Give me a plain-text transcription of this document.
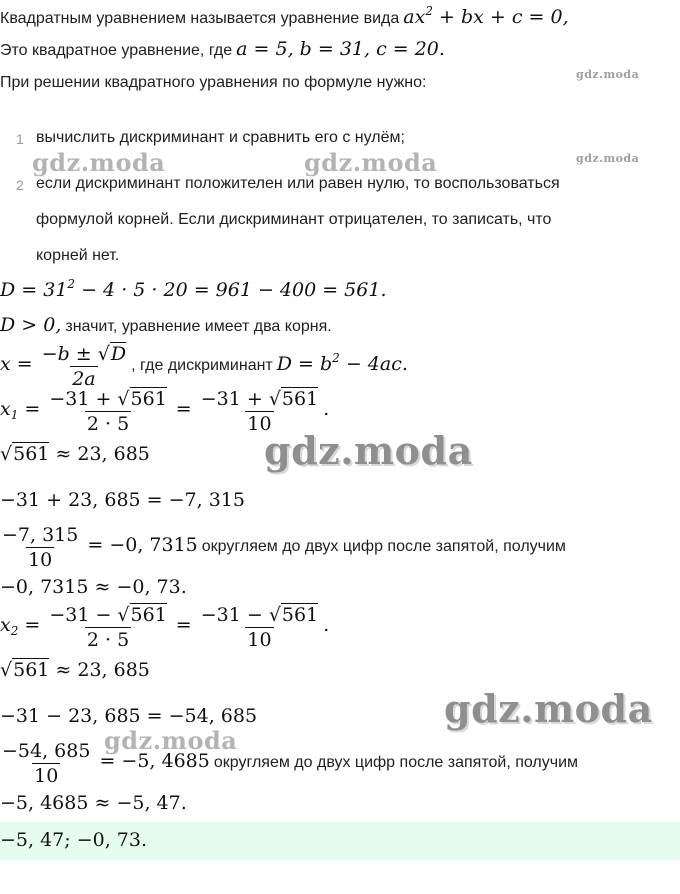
Квадратным уравнением называется уравнение вида $ax^2$ + bx + c = 0,
Это квадратное уравнение, где a = 5, b = 31, c = 20.
При решении квадратного уравнения по формуле нужно:
1 вычислить дискриминант и сравнить его с нулём;
2 если дискриминант положителен или равен нулю, то воспользоваться
формулой корней. Если дискриминант отрицателен, то записать, что
корней нет.
$D = 31^2 - 4 \cdot 5 \cdot 20 = 961 - 400 = 561$.
D > 0, значит, уравнение имеет два корня.
$x = \frac{-b \pm √D}{2a}$ , где дискриминант $D = b^2 - 4ac$.
$x_1 = \frac{-31 + √561}{2 \cdot 5} = \frac{-31 + √561}{10}$ .
√561 ≈ 23, 685
−31 + 23, 685 = −7, 315
$\frac{-7, 315}{10} = -0$, 7315 округляем до двух цифр после запятой, получим
−0, 7315 ≈ −0, 73.
$x_2 = \frac{-31 - √561}{2 \cdot 5} = \frac{-31 - √561}{10}$ .
√561 ≈ 23, 685
−31 − 23, 685 = −54, 685
$\frac{-54, 685}{10} = -5$, 4685 округляем до двух цифр после запятой, получим
−5, 4685 ≈ −5, 47.
−5, 47; −0, 73.
gdz.moda
gdz.moda	gdz.moda	gdz.moda
gdz.moda
gdz.moda
gdz.moda
